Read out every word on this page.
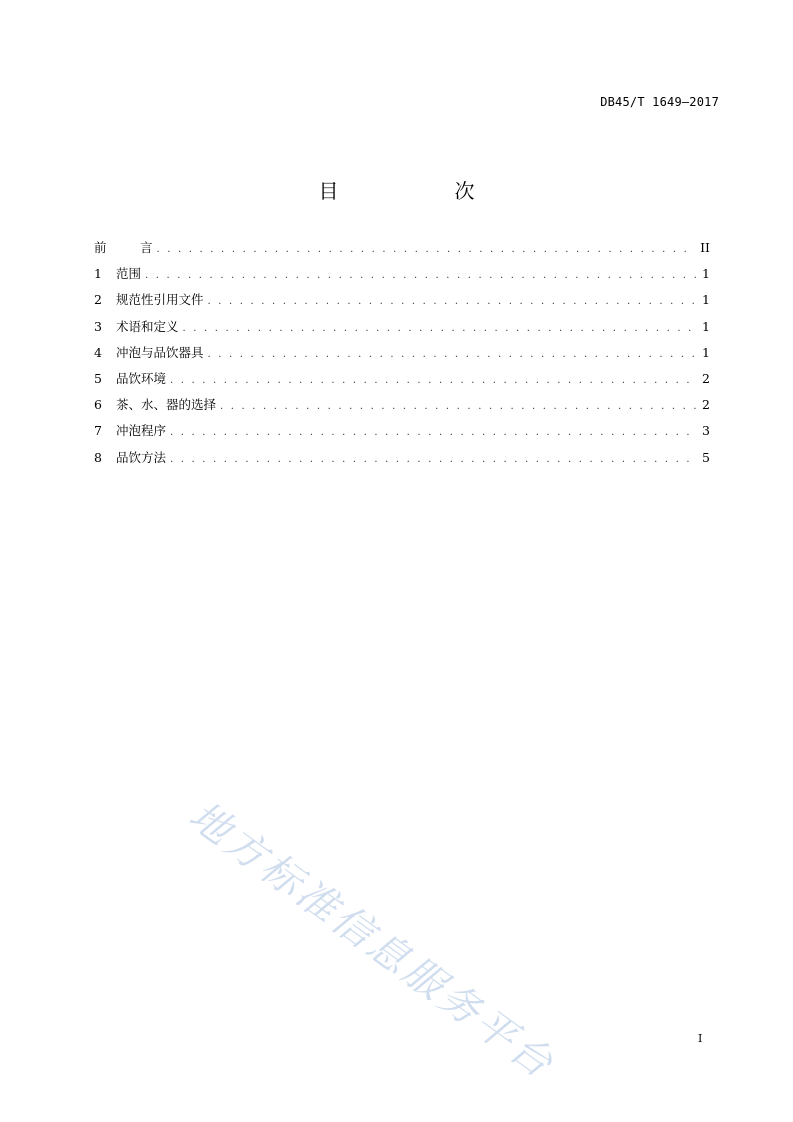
DB45/T 1649—2017
目　次
前	言 . . .	II
1	范围 . . .	1
2	规范性引用文件 . . .	1
3	术语和定义 . . .	1
4	冲泡与品饮器具 . . .	1
5	品饮环境 . . .	2
6	茶、水、器的选择 . . .	2
7	冲泡程序 . . .	3
8	品饮方法 . . .	5
地方标准信息服务平台	I
